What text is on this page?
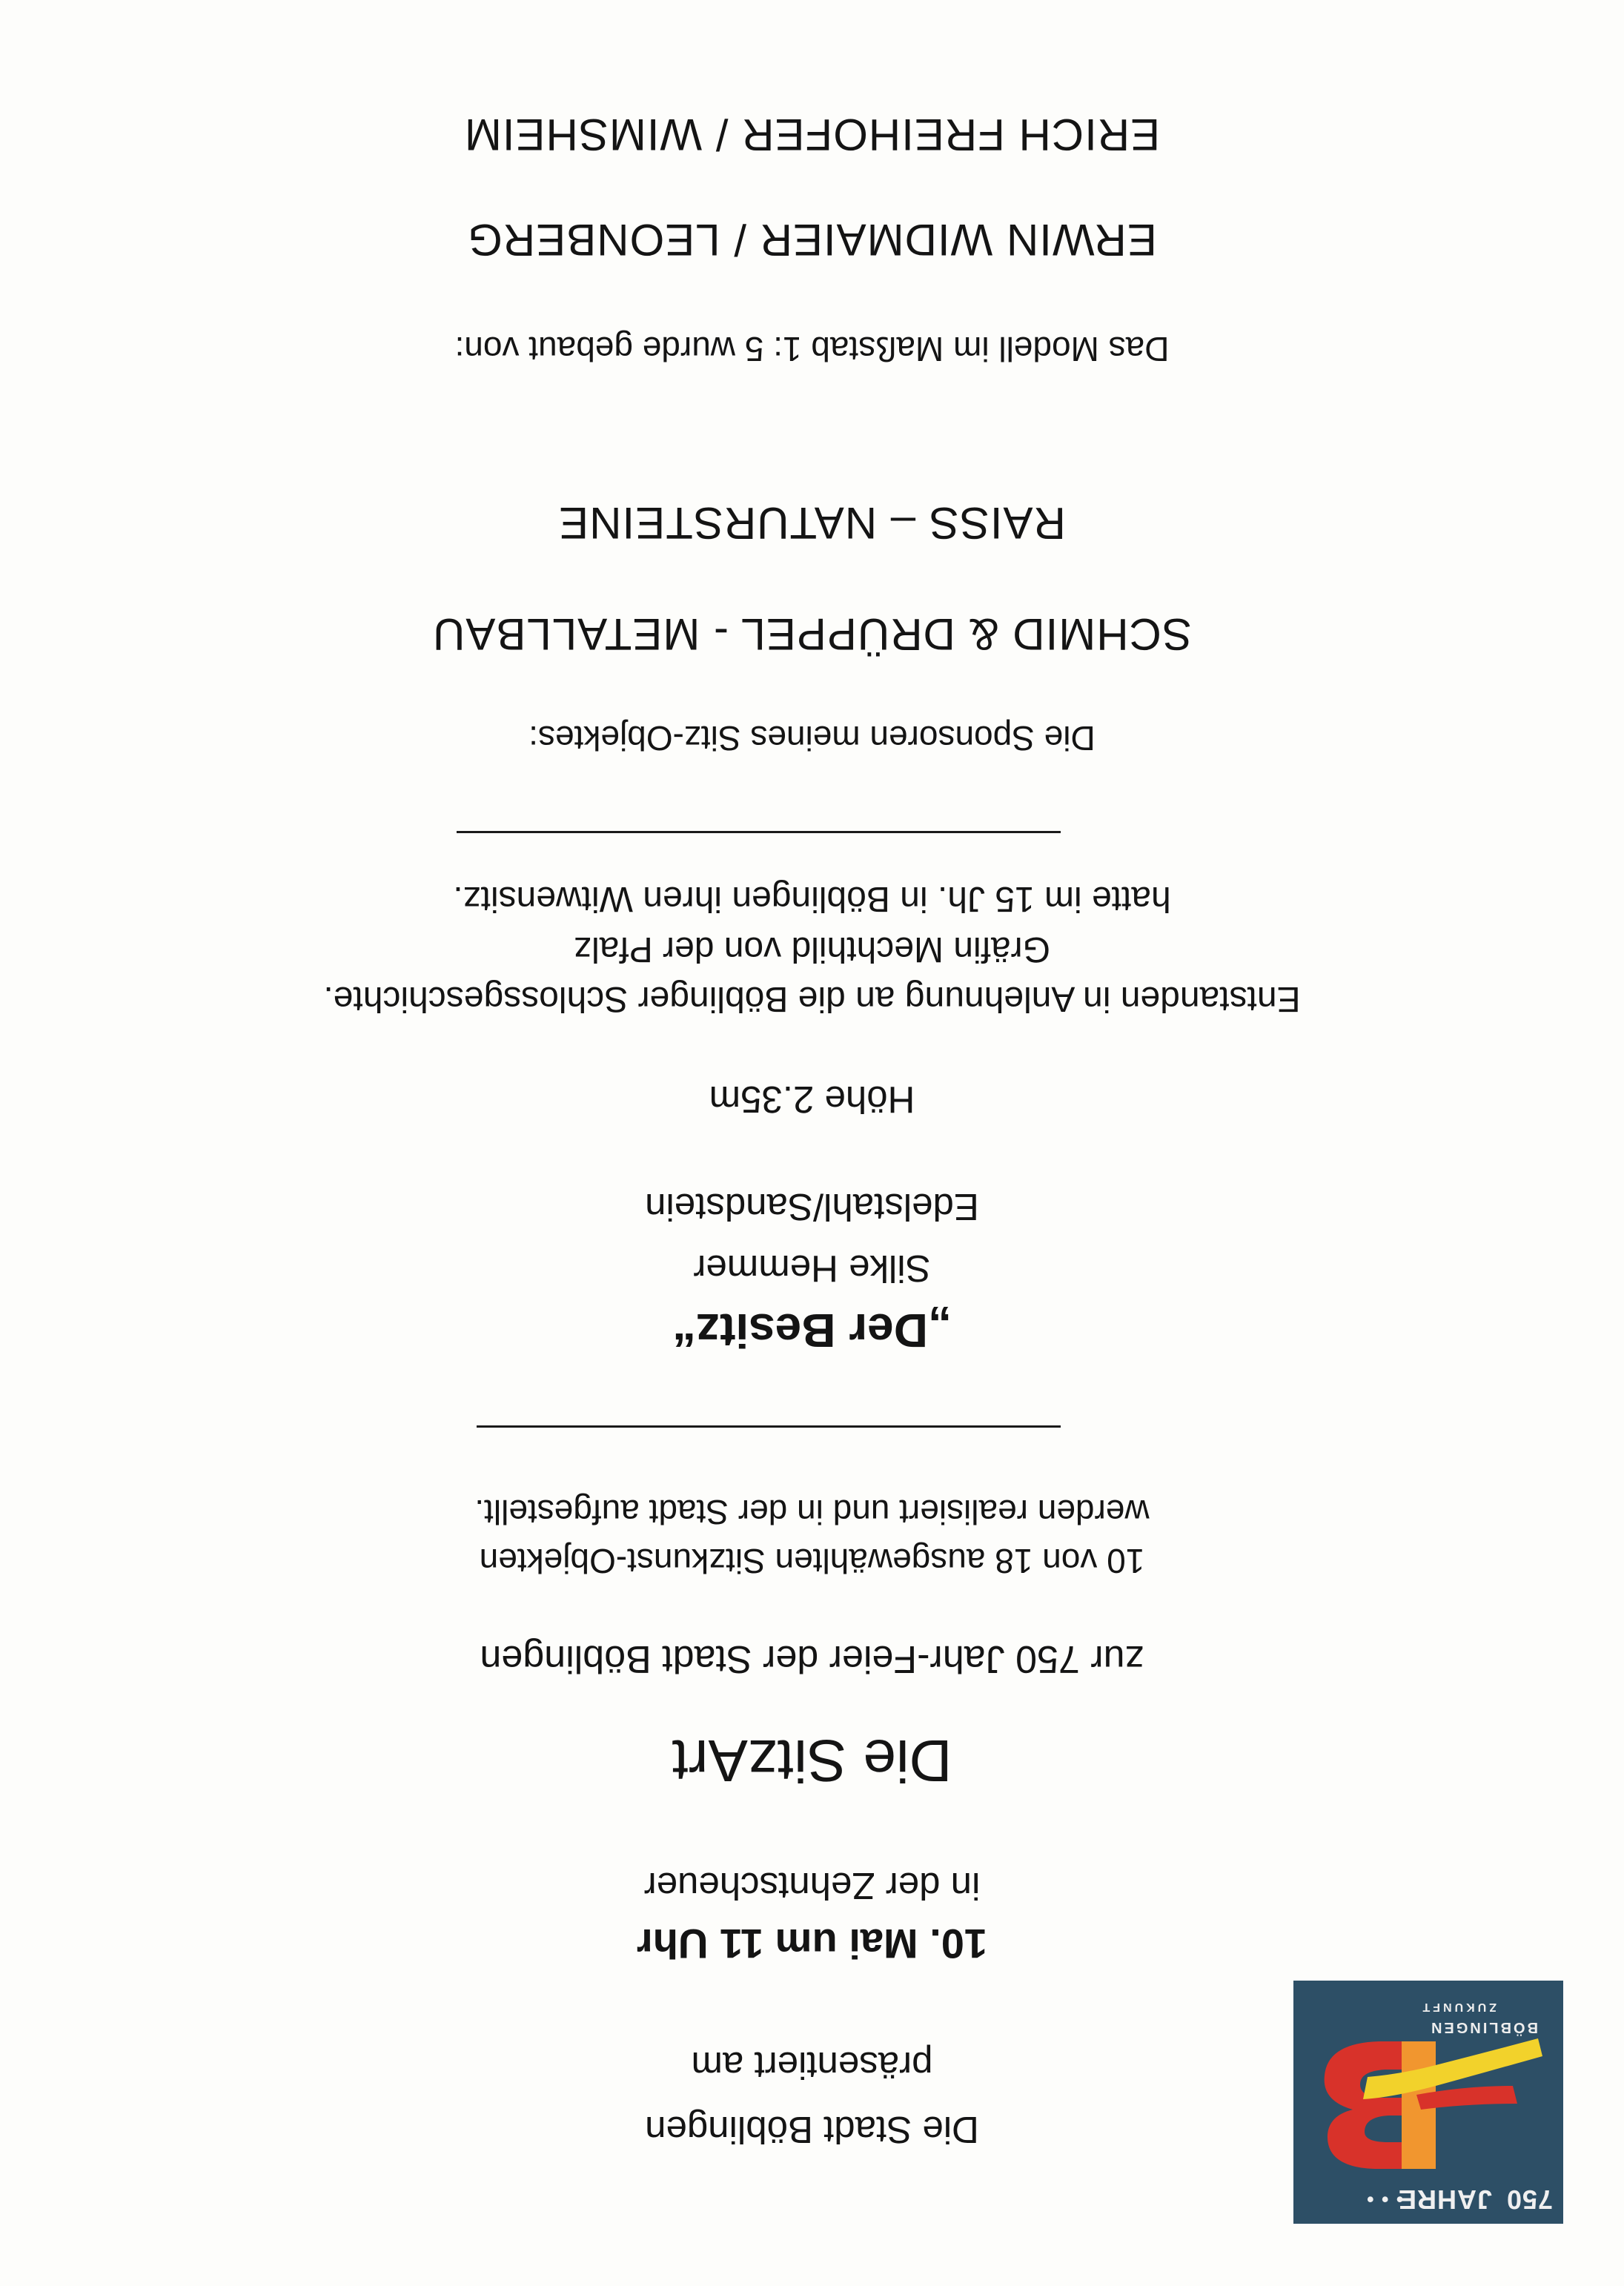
750
JAHRE
● ● ●
BÖBLINGEN
ZUKUNFT
Die Stadt Böblingen
präsentiert am
10. Mai um 11 Uhr
in der Zehntscheuer
Die SitzArt
zur 750 Jahr-Feier der Stadt Böblingen
10 von 18 ausgewählten Sitzkunst-Objekten
werden realisiert und in der Stadt aufgestellt.
„Der Besitz“
Silke Hemmer
Edelstahl/Sandstein
Höhe 2.35m
Entstanden in Anlehnung an die Böblinger Schlossgeschichte.
Gräfin Mechthild von der Pfalz
hatte im 15 Jh. in Böblingen ihren Witwensitz.
Die Sponsoren meines Sitz-Objektes:
SCHMID & DRÜPPEL - METALLBAU
RAISS – NATURSTEINE
Das Modell im Maßstab 1: 5 wurde gebaut von:
ERWIN WIDMAIER / LEONBERG
ERICH FREIHOFER / WIMSHEIM
